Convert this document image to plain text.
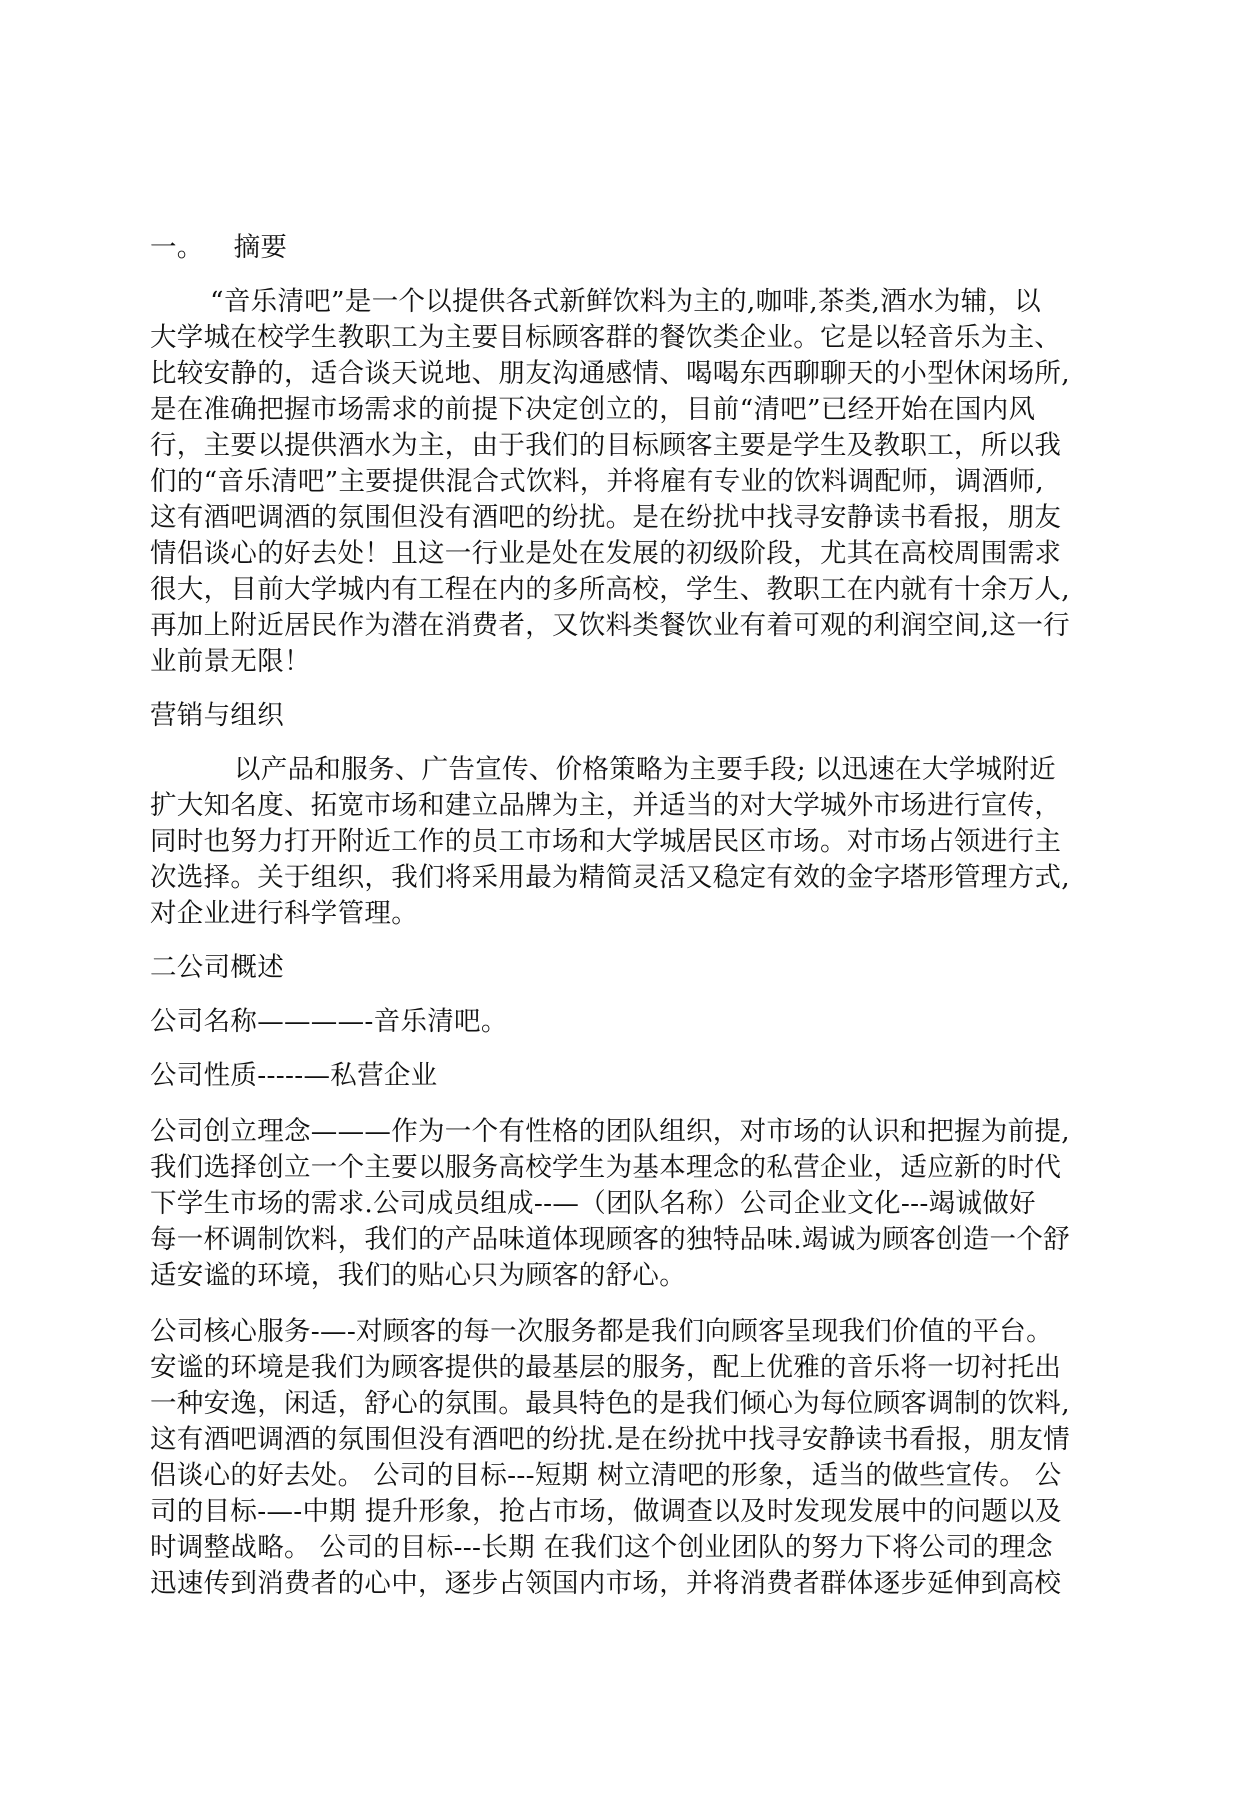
一。 摘要
“音乐清吧”是一个以提供各式新鲜饮料为主的,咖啡,茶类,酒水为辅，以
大学城在校学生教职工为主要目标顾客群的餐饮类企业。它是以轻音乐为主、
比较安静的，适合谈天说地、朋友沟通感情、喝喝东西聊聊天的小型休闲场所,
是在准确把握市场需求的前提下决定创立的，目前“清吧”已经开始在国内风
行，主要以提供酒水为主，由于我们的目标顾客主要是学生及教职工，所以我
们的“音乐清吧”主要提供混合式饮料，并将雇有专业的饮料调配师，调酒师,
这有酒吧调酒的氛围但没有酒吧的纷扰。是在纷扰中找寻安静读书看报，朋友
情侣谈心的好去处！且这一行业是处在发展的初级阶段，尤其在高校周围需求
很大，目前大学城内有工程在内的多所高校，学生、教职工在内就有十余万人,
再加上附近居民作为潜在消费者，又饮料类餐饮业有着可观的利润空间,这一行
业前景无限！
营销与组织
以产品和服务、广告宣传、价格策略为主要手段; 以迅速在大学城附近
扩大知名度、拓宽市场和建立品牌为主，并适当的对大学城外市场进行宣传，
同时也努力打开附近工作的员工市场和大学城居民区市场。对市场占领进行主
次选择。关于组织，我们将采用最为精简灵活又稳定有效的金字塔形管理方式,
对企业进行科学管理。
二公司概述
公司名称————-音乐清吧。
公司性质-----—私营企业
公司创立理念———作为一个有性格的团队组织，对市场的认识和把握为前提,
我们选择创立一个主要以服务高校学生为基本理念的私营企业，适应新的时代
下学生市场的需求.公司成员组成--—（团队名称）公司企业文化---竭诚做好
每一杯调制饮料，我们的产品味道体现顾客的独特品味.竭诚为顾客创造一个舒
适安谧的环境，我们的贴心只为顾客的舒心。
公司核心服务-—-对顾客的每一次服务都是我们向顾客呈现我们价值的平台。
安谧的环境是我们为顾客提供的最基层的服务，配上优雅的音乐将一切衬托出
一种安逸，闲适，舒心的氛围。最具特色的是我们倾心为每位顾客调制的饮料,
这有酒吧调酒的氛围但没有酒吧的纷扰.是在纷扰中找寻安静读书看报，朋友情
侣谈心的好去处。 公司的目标---短期 树立清吧的形象，适当的做些宣传。 公
司的目标-—-中期 提升形象，抢占市场，做调查以及时发现发展中的问题以及
时调整战略。 公司的目标---长期 在我们这个创业团队的努力下将公司的理念
迅速传到消费者的心中，逐步占领国内市场，并将消费者群体逐步延伸到高校
